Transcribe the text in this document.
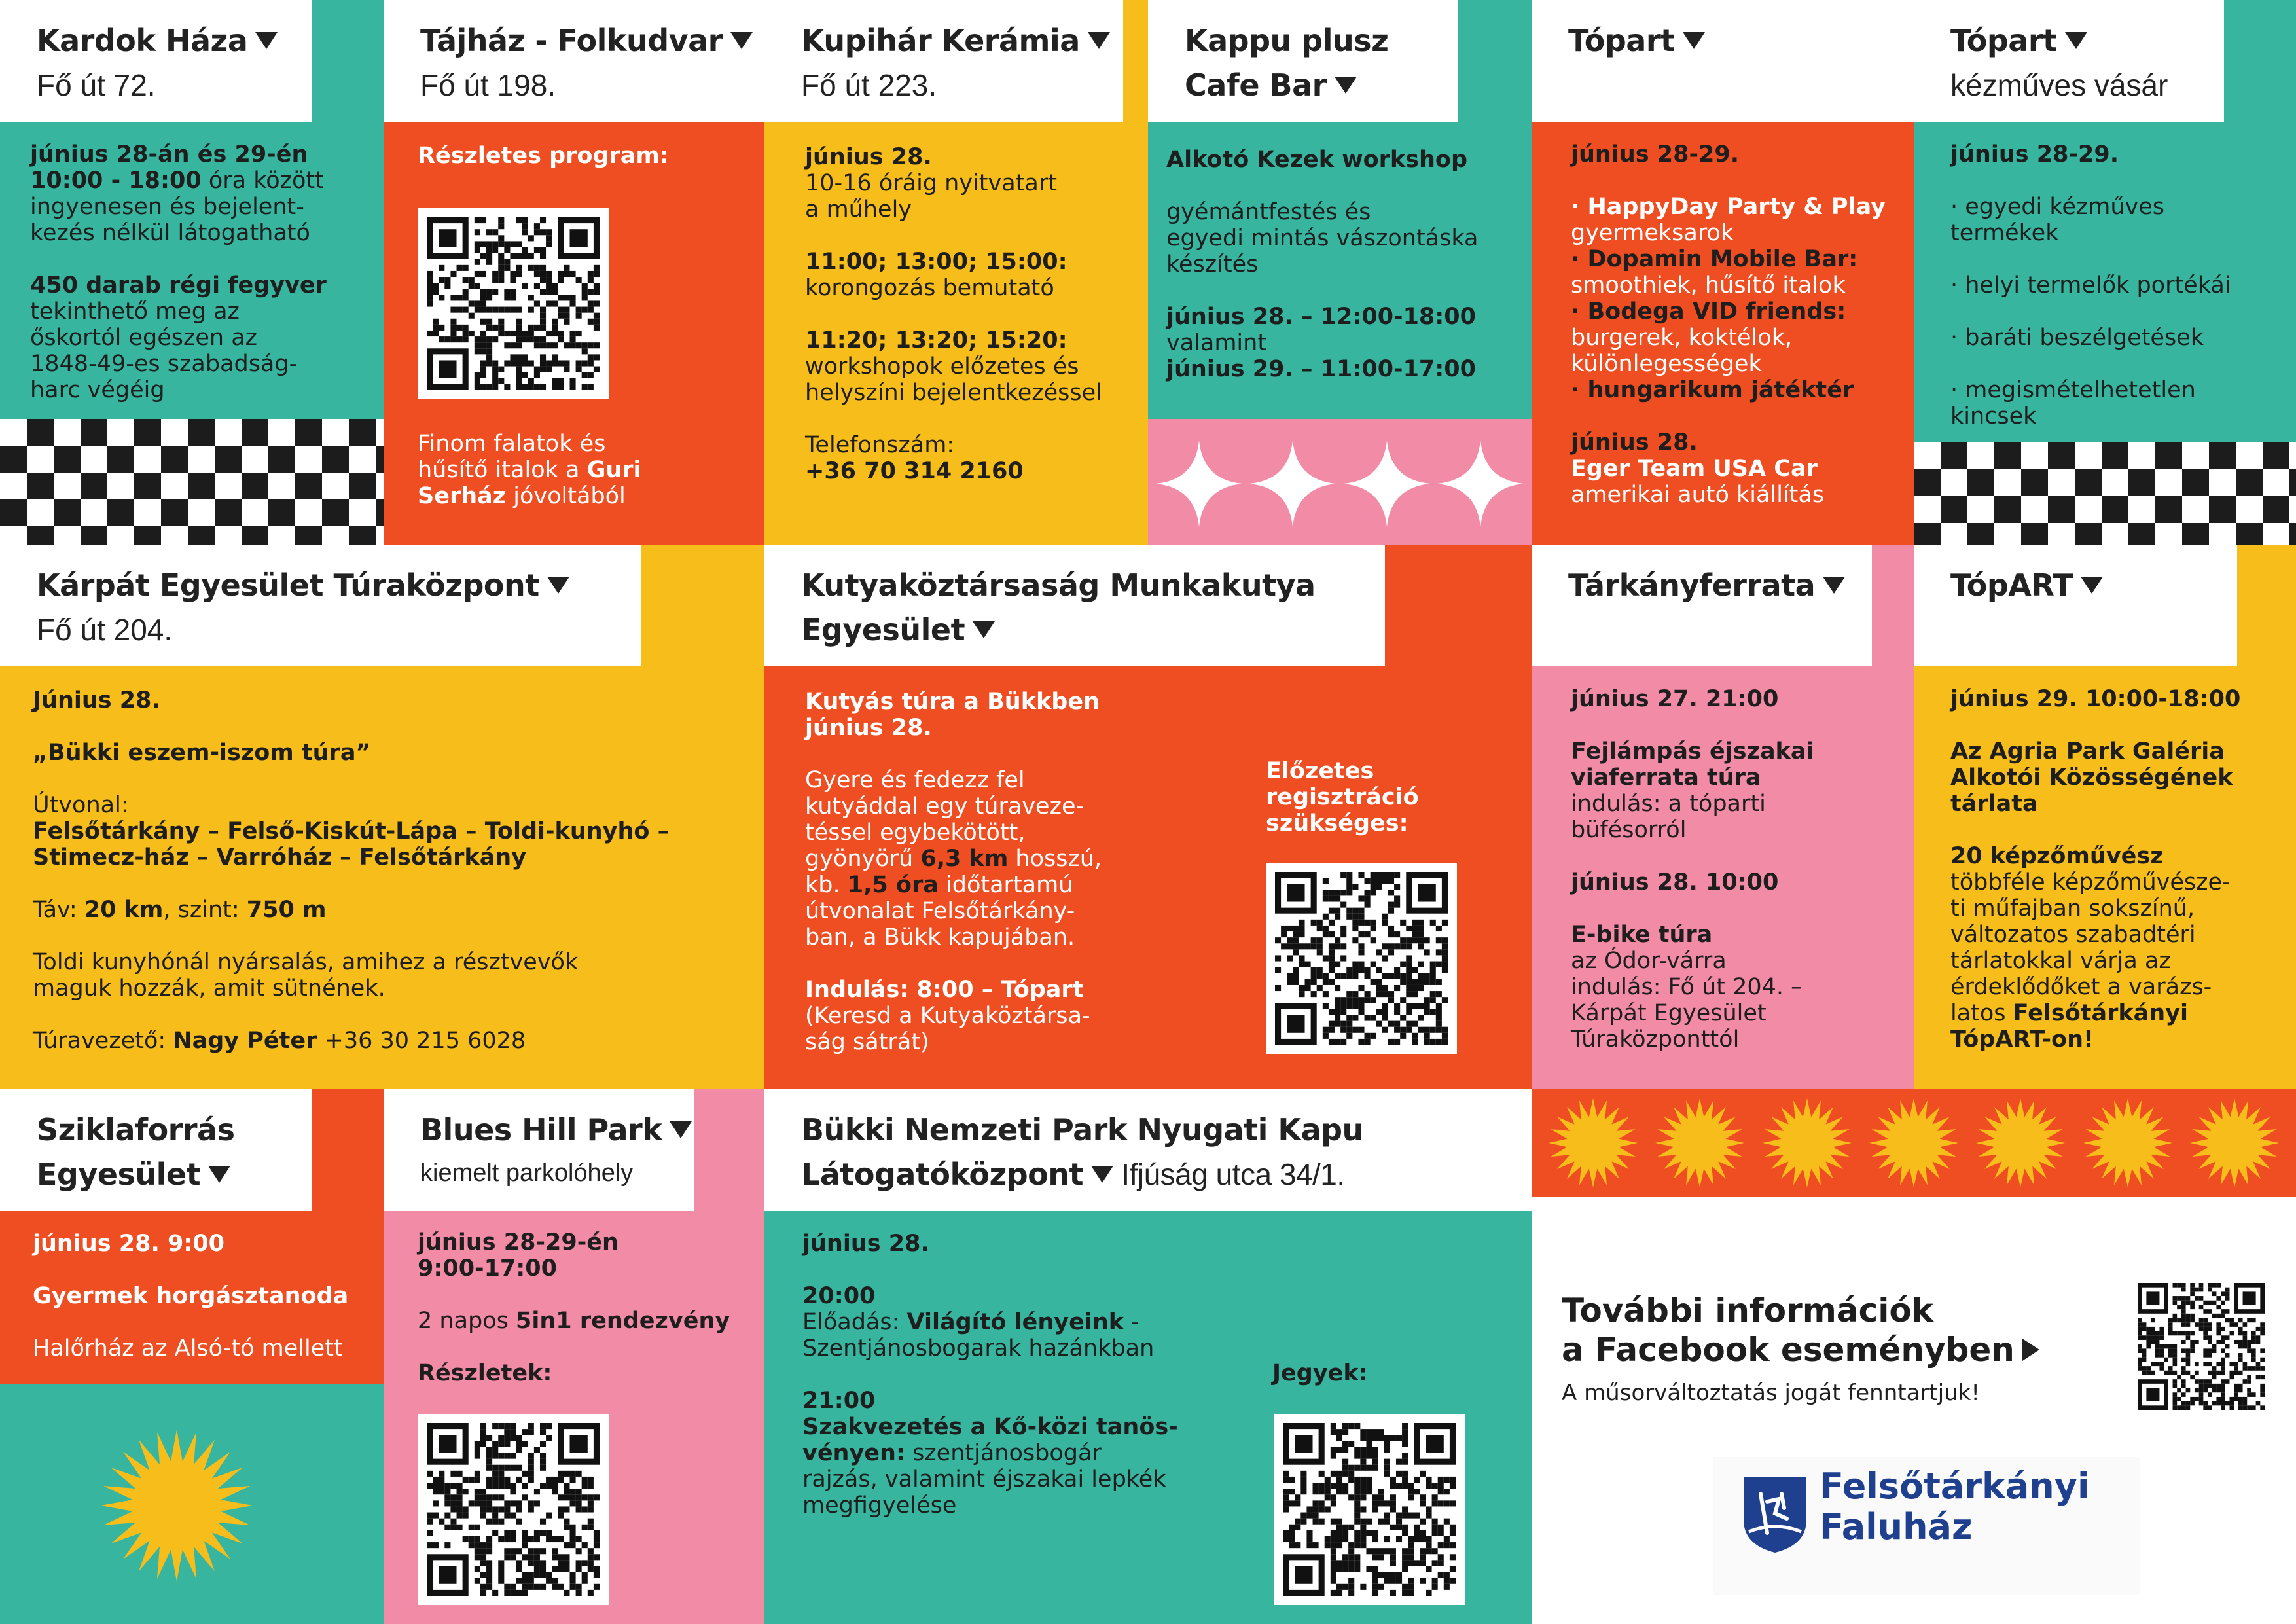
Kardok Háza
Fő út 72.

június 28-án és 29-én
10:00 - 18:00 óra között
ingyenesen és bejelent-
kezés nélkül látogatható

450 darab régi fegyver
tekinthető meg az
őskortól egészen az
1848-49-es szabadság-
harc végéig

Tájház - Folkudvar
Fő út 198.
Részletes program:

Finom falatok és
hűsítő italok a Guri
Serház jóvoltából

Kupihár Kerámia
Fő út 223.

június 28.
10-16 óráig nyitvatart
a műhely

11:00; 13:00; 15:00:
korongozás bemutató

11:20; 13:20; 15:20:
workshopok előzetes és
helyszíni bejelentkezéssel

Telefonszám:
+36 70 314 2160

Kappu plusz
Cafe Bar

Alkotó Kezek workshop

gyémántfestés és
egyedi mintás vászontáska
készítés

június 28. – 12:00-18:00
valamint
június 29. – 11:00-17:00

Tópart

június 28-29.

· HappyDay Party & Play
gyermeksarok
· Dopamin Mobile Bar:
smoothiek, hűsítő italok
· Bodega VID friends:
burgerek, koktélok,
különlegességek
· hungarikum játéktér

június 28.
Eger Team USA Car
amerikai autó kiállítás

Tópart
kézműves vásár

június 28-29.

· egyedi kézműves
termékek

· helyi termelők portékái

· baráti beszélgetések

· megismételhetetlen
kincsek

Kárpát Egyesület Túraközpont
Fő út 204.

Június 28.

„Bükki eszem-iszom túra”

Útvonal:
Felsőtárkány – Felső-Kiskút-Lápa – Toldi-kunyhó –
Stimecz-ház – Varróház – Felsőtárkány

Táv: 20 km, szint: 750 m

Toldi kunyhónál nyársalás, amihez a résztvevők
maguk hozzák, amit sütnének.

Túravezető: Nagy Péter +36 30 215 6028

Kutyaköztársaság Munkakutya
Egyesület

Kutyás túra a Bükkben
június 28.

Gyere és fedezz fel
kutyáddal egy túraveze-
téssel egybekötött,
gyönyörű 6,3 km hosszú,
kb. 1,5 óra időtartamú
útvonalat Felsőtárkány-
ban, a Bükk kapujában.

Indulás: 8:00 – Tópart
(Keresd a Kutyaköztársa-
ság sátrát)

Előzetes
regisztráció
szükséges:
Tárkányferrata

június 27. 21:00

Fejlámpás éjszakai
viaferrata túra
indulás: a tóparti
büfésorról

június 28. 10:00

E-bike túra
az Ódor-várra
indulás: Fő út 204. –
Kárpát Egyesület
Túraközponttól

TópART

június 29. 10:00-18:00

Az Agria Park Galéria
Alkotói Közösségének
tárlata

20 képzőművész
többféle képzőművésze-
ti műfajban sokszínű,
változatos szabadtéri
tárlatokkal várja az
érdeklődőket a varázs-
latos Felsőtárkányi
TópART-on!

Sziklaforrás
Egyesület

június 28. 9:00

Gyermek horgásztanoda

Halőrház az Alsó-tó mellett

Blues Hill Park
kiemelt parkolóhely

június 28-29-én
9:00-17:00

2 napos 5in1 rendezvény

Részletek:

Bükki Nemzeti Park Nyugati Kapu
Látogatóközpont Ifjúság utca 34/1.

június 28.

20:00
Előadás: Világító lényeink -
Szentjánosbogarak hazánkban

21:00
Szakvezetés a Kő-közi tanös-
vényen: szentjánosbogár
rajzás, valamint éjszakai lepkék
megfigyelése

Jegyek:
További információk
a Facebook eseményben
A műsorváltoztatás jogát fenntartjuk!
Felsőtárkányi
Faluház
